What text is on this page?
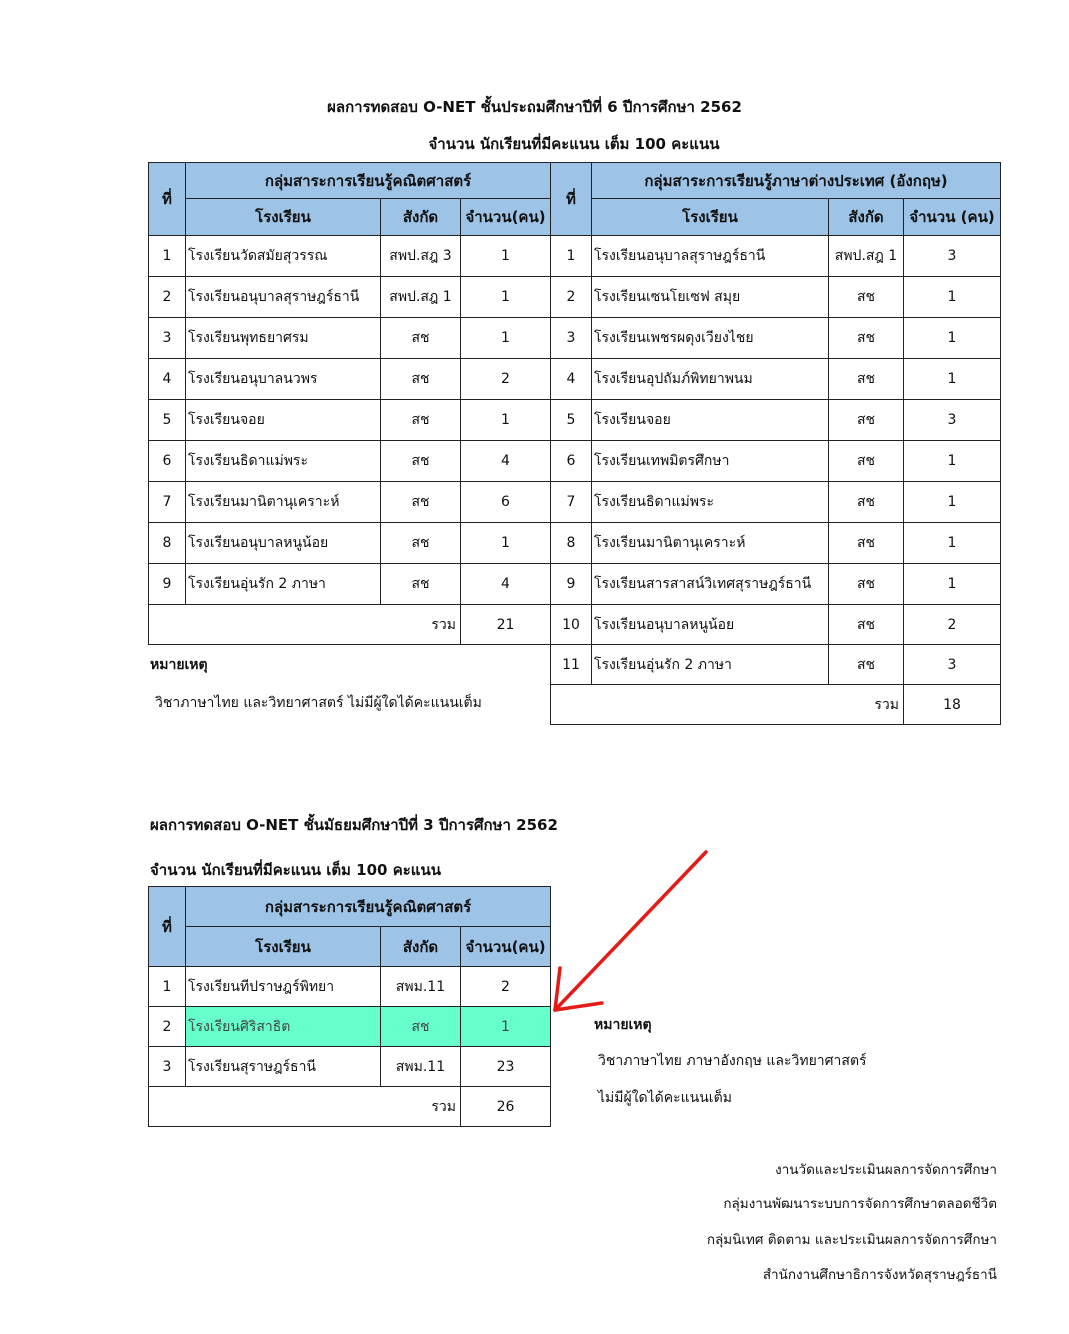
ผลการทดสอบ O-NET ชั้นประถมศึกษาปีที่ 6 ปีการศึกษา 2562
จำนวน นักเรียนที่มีคะแนน เต็ม 100 คะแนน
ที่	กลุ่มสาระการเรียนรู้คณิตศาสตร์		
	โรงเรียน	สังกัด	จำนวน(คน)
1	โรงเรียนวัดสมัยสุวรรณ	สพป.สฎ 3	1
2	โรงเรียนอนุบาลสุราษฎร์ธานี	สพป.สฎ 1	1
3	โรงเรียนพุทธยาศรม	สช	1
4	โรงเรียนอนุบาลนวพร	สช	2
5	โรงเรียนจอย	สช	1
6	โรงเรียนธิดาแม่พระ	สช	4
7	โรงเรียนมานิตานุเคราะห์	สช	6
8	โรงเรียนอนุบาลหนูน้อย	สช	1
9	โรงเรียนอุ่นรัก 2 ภาษา	สช	4
รวม			21
ที่	กลุ่มสาระการเรียนรู้ภาษาต่างประเทศ (อังกฤษ)		
	โรงเรียน	สังกัด	จำนวน (คน)
1	โรงเรียนอนุบาลสุราษฎร์ธานี	สพป.สฎ 1	3
2	โรงเรียนเซนโยเซฟ สมุย	สช	1
3	โรงเรียนเพชรผดุงเวียงไชย	สช	1
4	โรงเรียนอุปถัมภ์พิทยาพนม	สช	1
5	โรงเรียนจอย	สช	3
6	โรงเรียนเทพมิตรศึกษา	สช	1
7	โรงเรียนธิดาแม่พระ	สช	1
8	โรงเรียนมานิตานุเคราะห์	สช	1
9	โรงเรียนสารสาสน์วิเทศสุราษฎร์ธานี	สช	1
10	โรงเรียนอนุบาลหนูน้อย	สช	2
11	โรงเรียนอุ่นรัก 2 ภาษา	สช	3
รวม			18
หมายเหตุ
วิชาภาษาไทย และวิทยาศาสตร์ ไม่มีผู้ใดได้คะแนนเต็ม
ผลการทดสอบ O-NET ชั้นมัธยมศึกษาปีที่ 3 ปีการศึกษา 2562
จำนวน นักเรียนที่มีคะแนน เต็ม 100 คะแนน
ที่	กลุ่มสาระการเรียนรู้คณิตศาสตร์		
	โรงเรียน	สังกัด	จำนวน(คน)
1	โรงเรียนทีปราษฎร์พิทยา	สพม.11	2
2	โรงเรียนศิริสาธิต	สช	1
3	โรงเรียนสุราษฎร์ธานี	สพม.11	23
รวม			26
หมายเหตุ
วิชาภาษาไทย ภาษาอังกฤษ และวิทยาศาสตร์
ไม่มีผู้ใดได้คะแนนเต็ม
งานวัดและประเมินผลการจัดการศึกษา
กลุ่มงานพัฒนาระบบการจัดการศึกษาตลอดชีวิต
กลุ่มนิเทศ ติดตาม และประเมินผลการจัดการศึกษา
สำนักงานศึกษาธิการจังหวัดสุราษฎร์ธานี
